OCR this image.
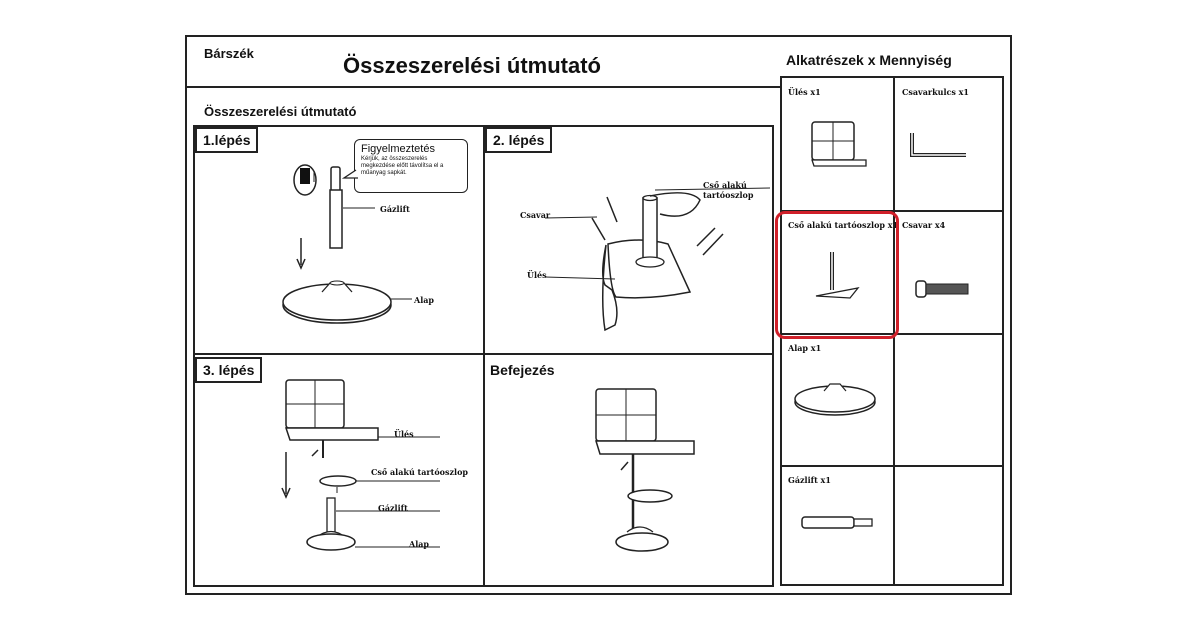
Bárszék	Összeszerelési útmutató
Összeszerelési útmutató
Alkatrészek x Mennyiség
1.lépés
Figyelmeztetés
Kérjük, az összeszerelés megkezdése előtt távolítsa el a műanyag sapkát.
Gázlift
Alap
2. lépés
Cső alakú tartóoszlop
Csavar
Ülés
3. lépés
Ülés
Cső alakú tartóoszlop
Gázlift
Alap
Befejezés
Ülés x1	Csavarkulcs x1
Cső alakú tartóoszlop x1 Csavar x4
Alap x1
Gázlift x1
